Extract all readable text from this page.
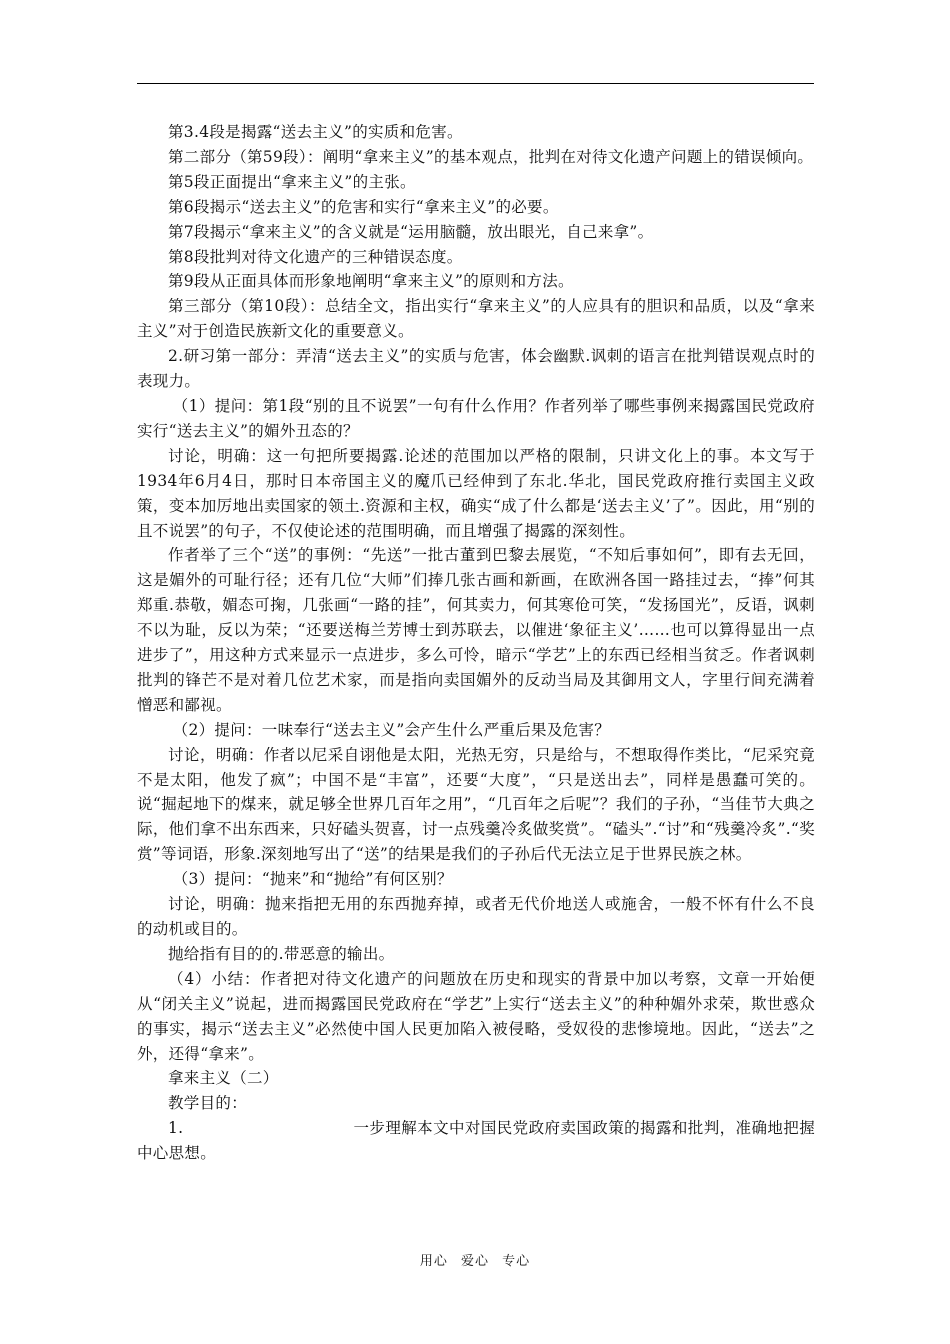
第3.4段是揭露“送去主义”的实质和危害。

第二部分（第59段）：阐明“拿来主义”的基本观点，批判在对待文化遗产问题上的错误倾向。

第5段正面提出“拿来主义”的主张。

第6段揭示“送去主义”的危害和实行“拿来主义”的必要。

第7段揭示“拿来主义”的含义就是“运用脑髓，放出眼光，自己来拿”。

第8段批判对待文化遗产的三种错误态度。

第9段从正面具体而形象地阐明“拿来主义”的原则和方法。

第三部分（第10段）：总结全文，指出实行“拿来主义”的人应具有的胆识和品质，以及“拿来主义”对于创造民族新文化的重要意义。

2.研习第一部分：弄清“送去主义”的实质与危害，体会幽默.讽刺的语言在批判错误观点时的表现力。

（1）提问：第1段“别的且不说罢”一句有什么作用？作者列举了哪些事例来揭露国民党政府实行“送去主义”的媚外丑态的？

讨论，明确：这一句把所要揭露.论述的范围加以严格的限制，只讲文化上的事。本文写于1934年6月4日，那时日本帝国主义的魔爪已经伸到了东北.华北，国民党政府推行卖国主义政策，变本加厉地出卖国家的领土.资源和主权，确实“成了什么都是‘送去主义’了”。因此，用“别的且不说罢”的句子，不仅使论述的范围明确，而且增强了揭露的深刻性。

作者举了三个“送”的事例：“先送”一批古董到巴黎去展览，“不知后事如何”，即有去无回，这是媚外的可耻行径；还有几位“大师”们捧几张古画和新画，在欧洲各国一路挂过去，“捧”何其郑重.恭敬，媚态可掬，几张画“一路的挂”，何其卖力，何其寒伧可笑，“发扬国光”，反语，讽刺不以为耻，反以为荣；“还要送梅兰芳博士到苏联去，以催进‘象征主义’……也可以算得显出一点进步了”，用这种方式来显示一点进步，多么可怜，暗示“学艺”上的东西已经相当贫乏。作者讽刺批判的锋芒不是对着几位艺术家，而是指向卖国媚外的反动当局及其御用文人，字里行间充满着憎恶和鄙视。

（2）提问：一味奉行“送去主义”会产生什么严重后果及危害？

讨论，明确：作者以尼采自诩他是太阳，光热无穷，只是给与，不想取得作类比，“尼采究竟不是太阳，他发了疯”；中国不是“丰富”，还要“大度”，“只是送出去”，同样是愚蠢可笑的。说“掘起地下的煤来，就足够全世界几百年之用”，“几百年之后呢”？我们的子孙，“当佳节大典之际，他们拿不出东西来，只好磕头贺喜，讨一点残羹冷炙做奖赏”。“磕头”.“讨”和“残羹冷炙”.“奖赏”等词语，形象.深刻地写出了“送”的结果是我们的子孙后代无法立足于世界民族之林。

（3）提问：“抛来”和“抛给”有何区别？

讨论，明确：抛来指把无用的东西抛弃掉，或者无代价地送人或施舍，一般不怀有什么不良的动机或目的。

抛给指有目的的.带恶意的输出。

（4）小结：作者把对待文化遗产的问题放在历史和现实的背景中加以考察，文章一开始便从“闭关主义”说起，进而揭露国民党政府在“学艺”上实行“送去主义”的种种媚外求荣，欺世惑众的事实，揭示“送去主义”必然使中国人民更加陷入被侵略，受奴役的悲惨境地。因此，“送去”之外，还得“拿来”。

拿来主义（二）

教学目的：

1.	一步理解本文中对国民党政府卖国政策的揭露和批判，准确地把握中心思想。

用心 爱心 专心
